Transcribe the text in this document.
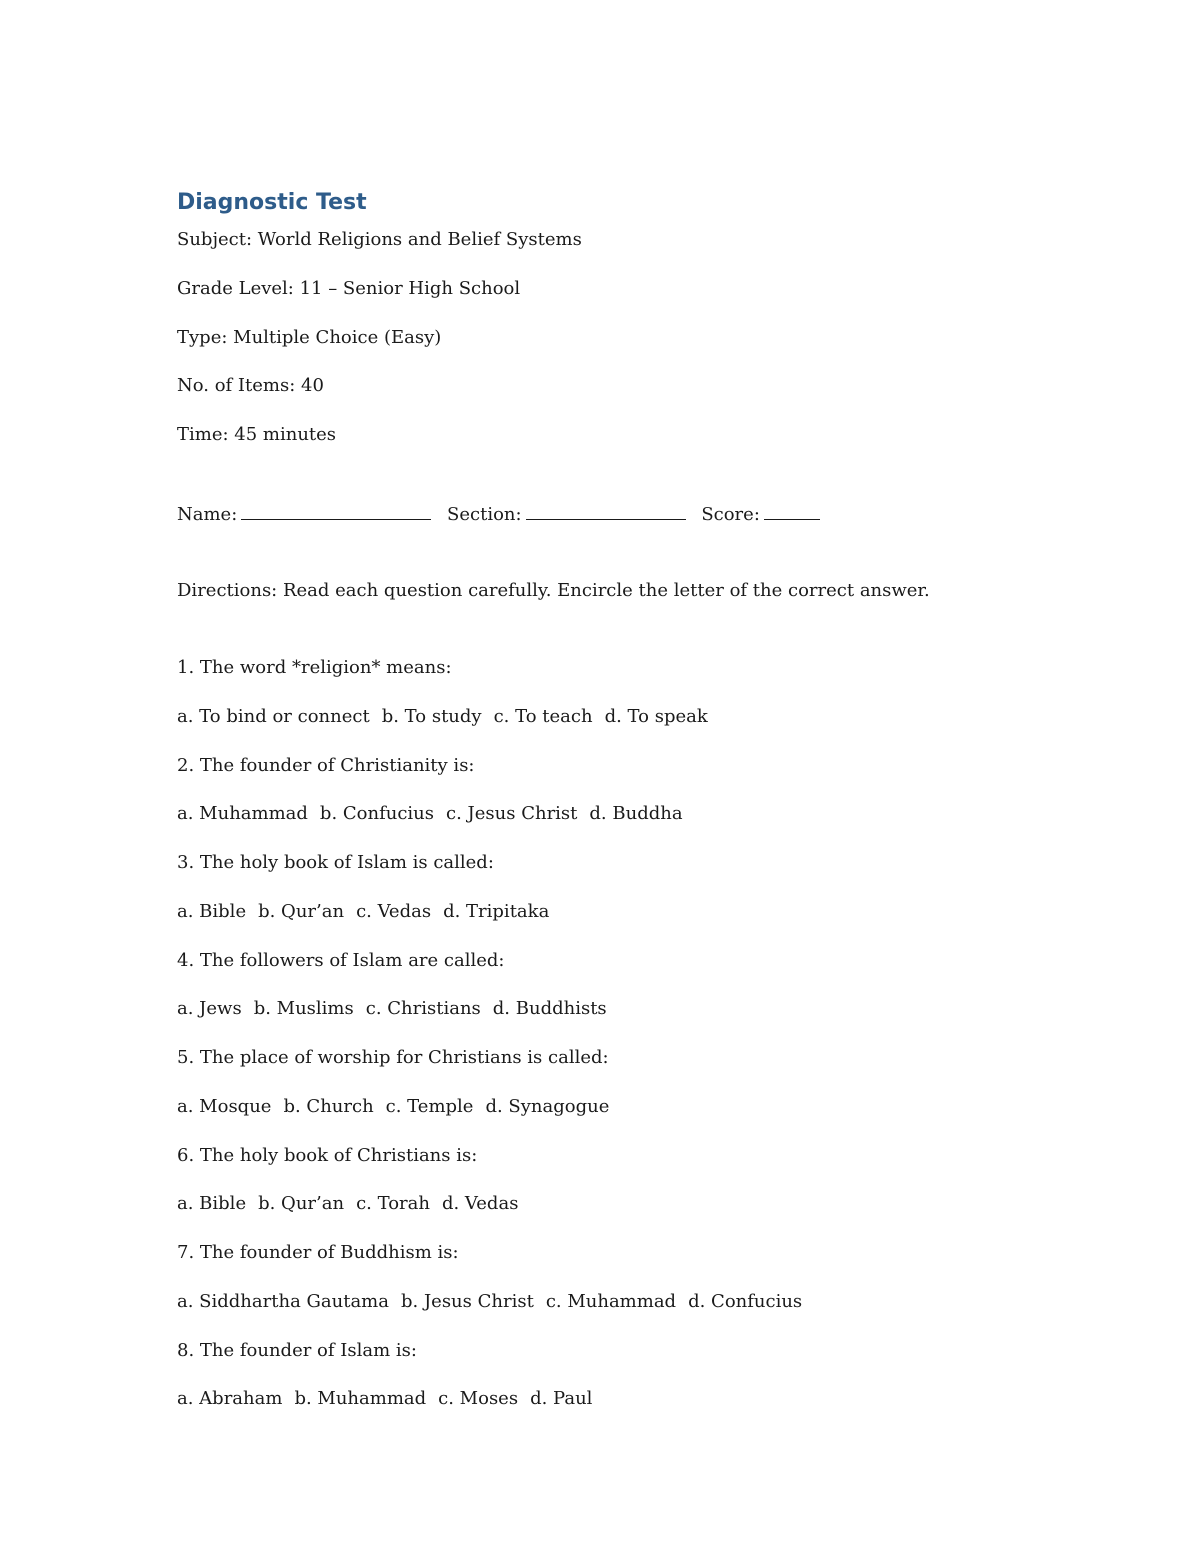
Diagnostic Test

Subject: World Religions and Belief Systems

Grade Level: 11 – Senior High School

Type: Multiple Choice (Easy)

No. of Items: 40

Time: 45 minutes

Name:	Section:	Score:

Directions: Read each question carefully. Encircle the letter of the correct answer.

1. The word *religion* means:

a. To bind or connect b. To study c. To teach d. To speak

2. The founder of Christianity is:

a. Muhammad b. Confucius c. Jesus Christ d. Buddha

3. The holy book of Islam is called:

a. Bible b. Qur’an c. Vedas d. Tripitaka

4. The followers of Islam are called:

a. Jews b. Muslims c. Christians d. Buddhists

5. The place of worship for Christians is called:

a. Mosque b. Church c. Temple d. Synagogue

6. The holy book of Christians is:

a. Bible b. Qur’an c. Torah d. Vedas

7. The founder of Buddhism is:

a. Siddhartha Gautama b. Jesus Christ c. Muhammad d. Confucius

8. The founder of Islam is:

a. Abraham b. Muhammad c. Moses d. Paul
